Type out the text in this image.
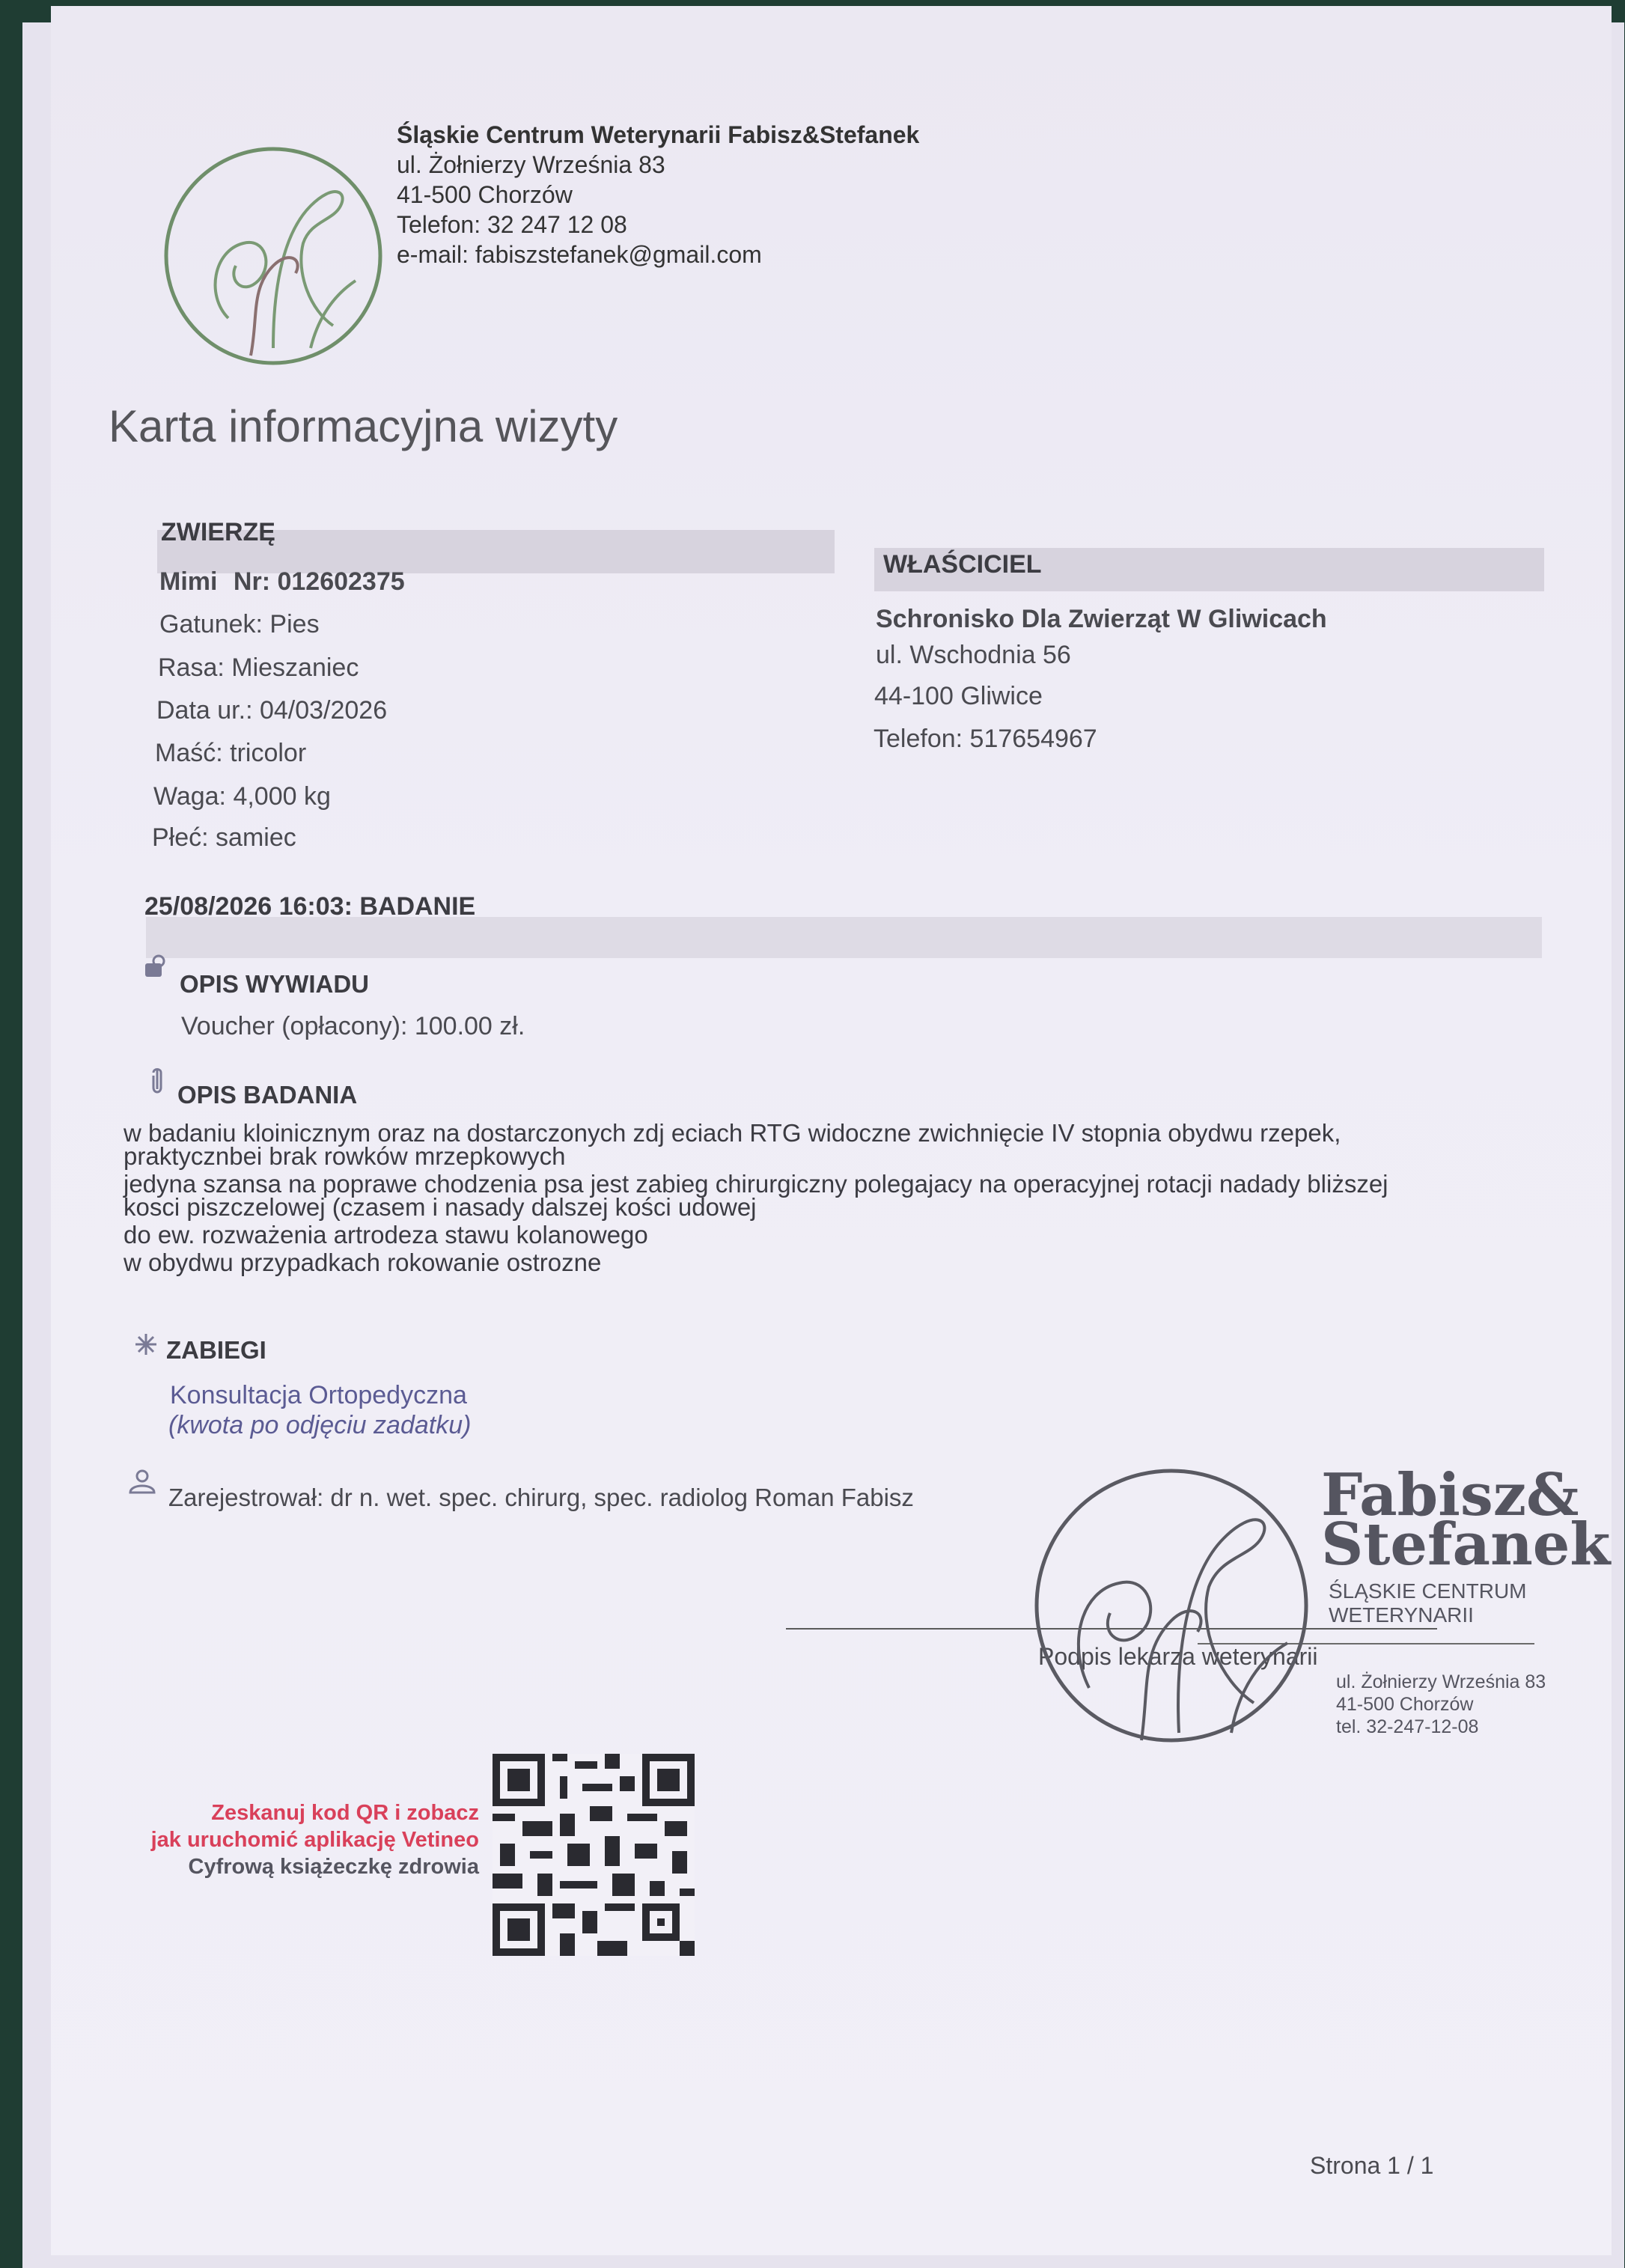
Śląskie Centrum Weterynarii Fabisz&Stefanek
ul. Żołnierzy Września 83
41-500 Chorzów
Telefon: 32 247 12 08
e-mail: fabiszstefanek@gmail.com
Karta informacyjna wizyty
ZWIERZĘ
Mimi Nr: 012602375
Gatunek: Pies
Rasa: Mieszaniec
Data ur.: 04/03/2026
Maść: tricolor
Waga: 4,000 kg
Płeć: samiec
WŁAŚCICIEL
Schronisko Dla Zwierząt W Gliwicach
ul. Wschodnia 56
44-100 Gliwice
Telefon: 517654967
25/08/2026 16:03: BADANIE
OPIS WYWIADU
Voucher (opłacony): 100.00 zł.
OPIS BADANIA
w badaniu kloinicznym oraz na dostarczonych zdj eciach RTG widoczne zwichnięcie IV stopnia obydwu rzepek,
praktycznbei brak rowków mrzepkowych
jedyna szansa na poprawe chodzenia psa jest zabieg chirurgiczny polegajacy na operacyjnej rotacji nadady bliższej
kosci piszczelowej (czasem i nasady dalszej kości udowej
do ew. rozważenia artrodeza stawu kolanowego
w obydwu przypadkach rokowanie ostrozne
ZABIEGI
Konsultacja Ortopedyczna
(kwota po odjęciu zadatku)
Zarejestrował: dr n. wet. spec. chirurg, spec. radiolog Roman Fabisz
Podpis lekarza weterynarii
Fabisz&
Stefanek
ŚLĄSKIE CENTRUM
WETERYNARII
ul. Żołnierzy Września 83
41-500 Chorzów
tel. 32-247-12-08
Zeskanuj kod QR i zobacz
jak uruchomić aplikację Vetineo
Cyfrową książeczkę zdrowia
Strona 1 / 1
